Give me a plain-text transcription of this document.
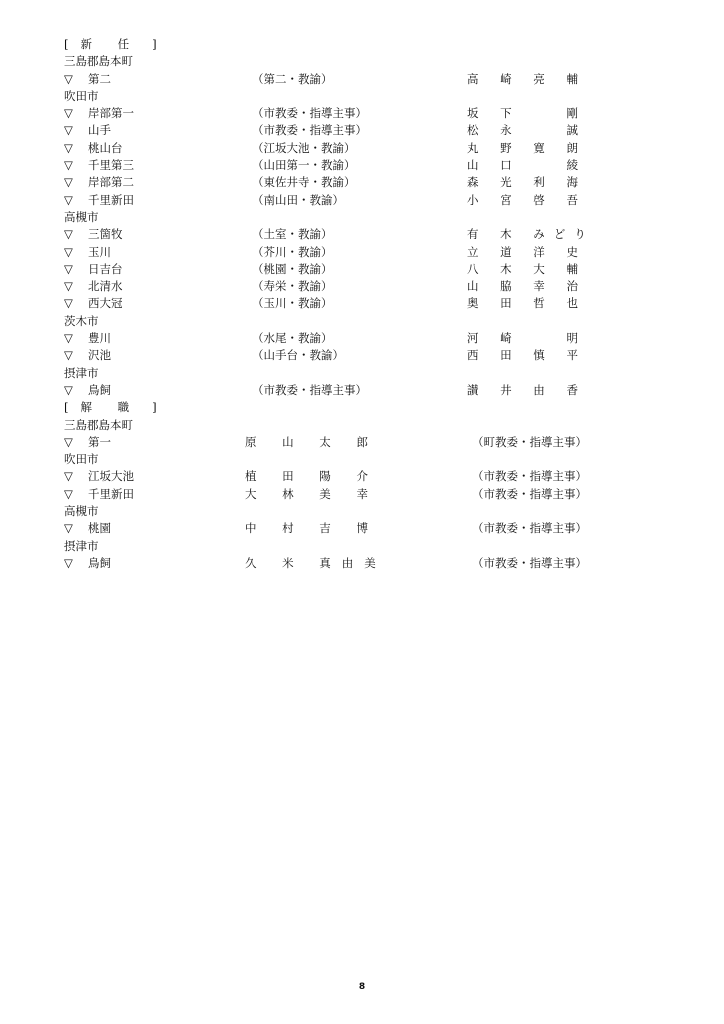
[ 新 任 ]
三島郡島本町
▽ 第二	（第二・教諭）	高 崎 亮 輔
吹田市
▽ 岸部第一	（市教委・指導主事）	坂 下 　 剛
▽ 山手	（市教委・指導主事）	松 永 　 誠
▽ 桃山台	（江坂大池・教諭）	丸 野 寛 朗
▽ 千里第三	（山田第一・教諭）	山 口 　 綾
▽ 岸部第二	（東佐井寺・教諭）	森 光 利 海
▽ 千里新田	（南山田・教諭）	小 宮 啓 吾
高槻市
▽ 三箇牧	（土室・教諭）	有 木 みどり
▽ 玉川	（芥川・教諭）	立 道 洋 史
▽ 日吉台	（桃園・教諭）	八 木 大 輔
▽ 北清水	（寿栄・教諭）	山 脇 幸 治
▽ 西大冠	（玉川・教諭）	奥 田 哲 也
茨木市
▽ 豊川	（水尾・教諭）	河 崎 　 明
▽ 沢池	（山手台・教諭）	西 田 慎 平
摂津市
▽ 鳥飼	（市教委・指導主事）	讃 井 由 香
[ 解 職 ]
三島郡島本町
▽ 第一	原 山 太 郎	（町教委・指導主事）
吹田市
▽ 江坂大池	植 田 陽 介	（市教委・指導主事）
▽ 千里新田	大 林 美 幸	（市教委・指導主事）
高槻市
▽ 桃園	中 村 吉 博	（市教委・指導主事）
摂津市
▽ 鳥飼	久 米 真由美	（市教委・指導主事）
8
